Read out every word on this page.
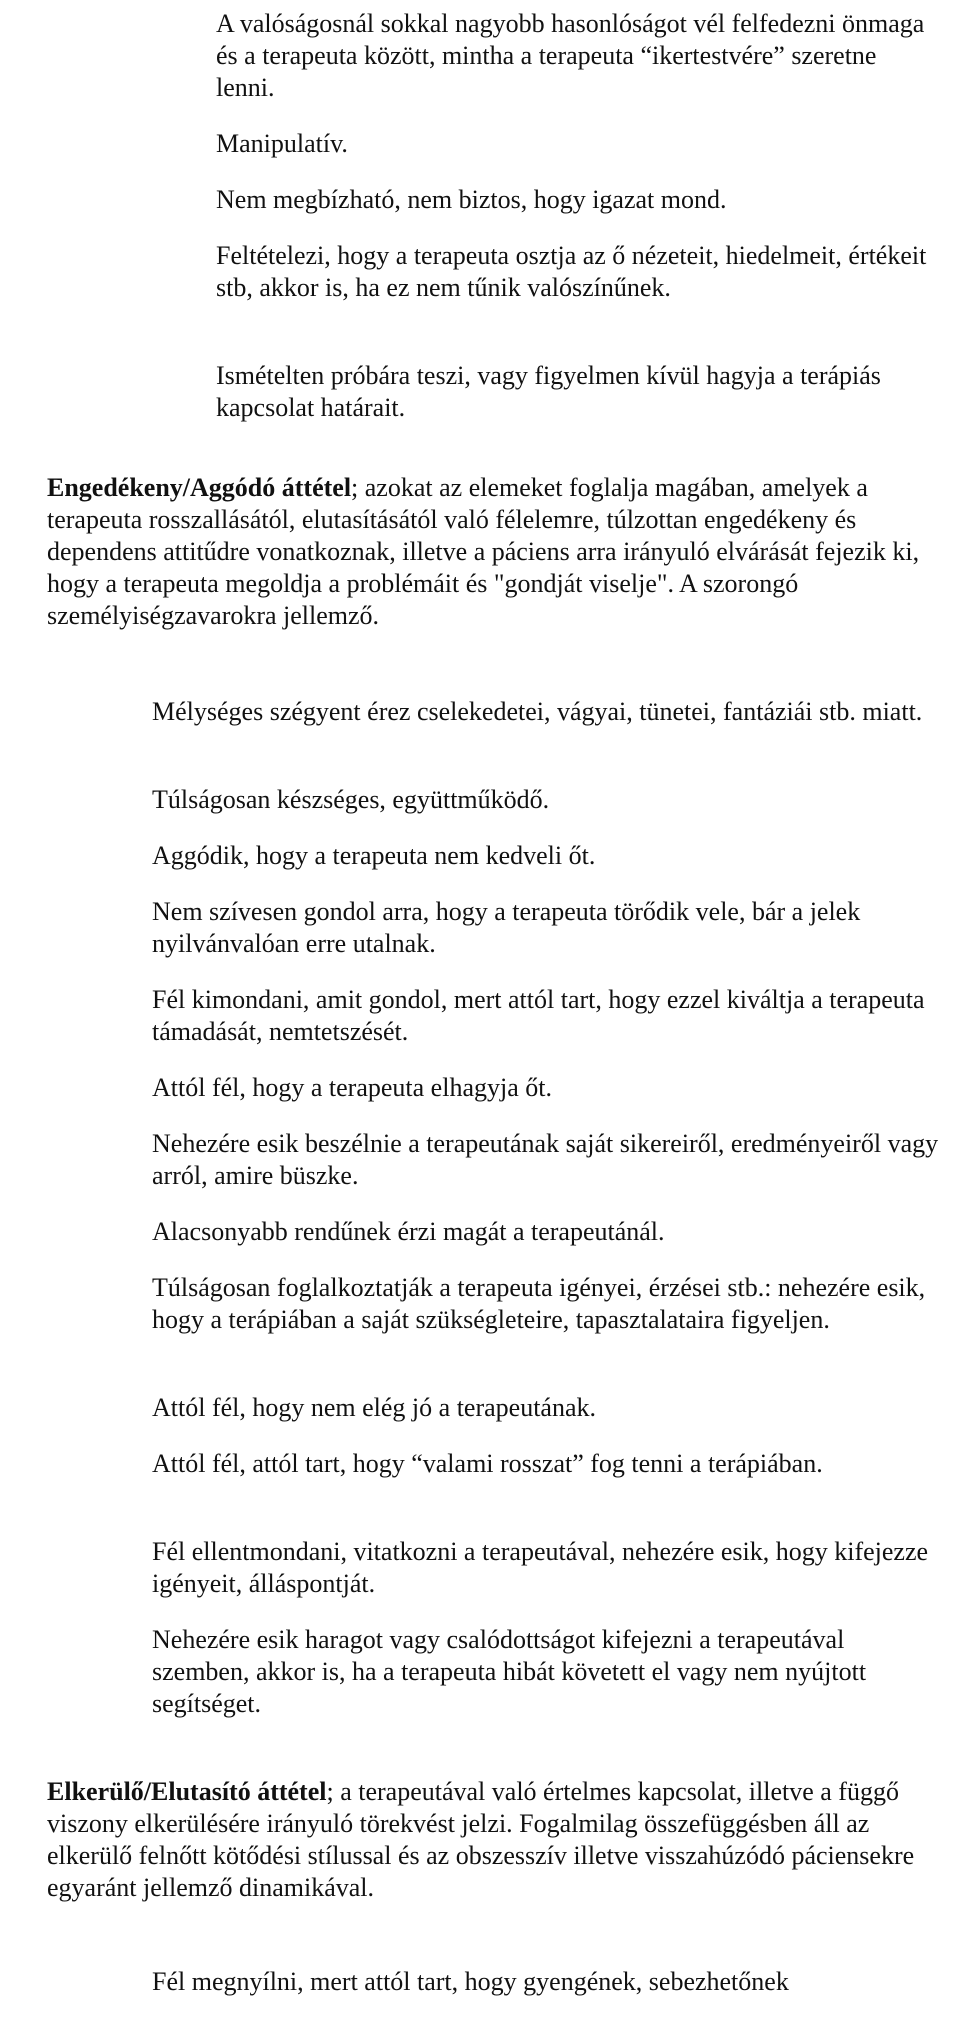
A valóságosnál sokkal nagyobb hasonlóságot vél felfedezni önmaga és a terapeuta között, mintha a terapeuta “ikertestvére” szeretne lenni.

Manipulatív.

Nem megbízható, nem biztos, hogy igazat mond.

Feltételezi, hogy a terapeuta osztja az ő nézeteit, hiedelmeit, értékeit stb, akkor is, ha ez nem tűnik valószínűnek.

Ismételten próbára teszi, vagy figyelmen kívül hagyja a terápiás kapcsolat határait.

Engedékeny/Aggódó áttétel; azokat az elemeket foglalja magában, amelyek a terapeuta rosszallásától, elutasításától való félelemre, túlzottan engedékeny és dependens attitűdre vonatkoznak, illetve a páciens arra irányuló elvárását fejezik ki, hogy a terapeuta megoldja a problémáit és "gondját viselje". A szorongó személyiségzavarokra jellemző.

Mélységes szégyent érez cselekedetei, vágyai, tünetei, fantáziái stb. miatt.

Túlságosan készséges, együttműködő.

Aggódik, hogy a terapeuta nem kedveli őt.

Nem szívesen gondol arra, hogy a terapeuta törődik vele, bár a jelek nyilvánvalóan erre utalnak.

Fél kimondani, amit gondol, mert attól tart, hogy ezzel kiváltja a terapeuta támadását, nemtetszését.

Attól fél, hogy a terapeuta elhagyja őt.

Nehezére esik beszélnie a terapeutának saját sikereiről, eredményeiről vagy arról, amire büszke.

Alacsonyabb rendűnek érzi magát a terapeutánál.

Túlságosan foglalkoztatják a terapeuta igényei, érzései stb.: nehezére esik, hogy a terápiában a saját szükségleteire, tapasztalataira figyeljen.

Attól fél, hogy nem elég jó a terapeutának.

Attól fél, attól tart, hogy “valami rosszat” fog tenni a terápiában.

Fél ellentmondani, vitatkozni a terapeutával, nehezére esik, hogy kifejezze igényeit, álláspontját.

Nehezére esik haragot vagy csalódottságot kifejezni a terapeutával szemben, akkor is, ha a terapeuta hibát követett el vagy nem nyújtott segítséget.

Elkerülő/Elutasító áttétel; a terapeutával való értelmes kapcsolat, illetve a függő viszony elkerülésére irányuló törekvést jelzi. Fogalmilag összefüggésben áll az elkerülő felnőtt kötődési stílussal és az obszesszív illetve visszahúzódó páciensekre egyaránt jellemző dinamikával.

Fél megnyílni, mert attól tart, hogy gyengének, sebezhetőnek
